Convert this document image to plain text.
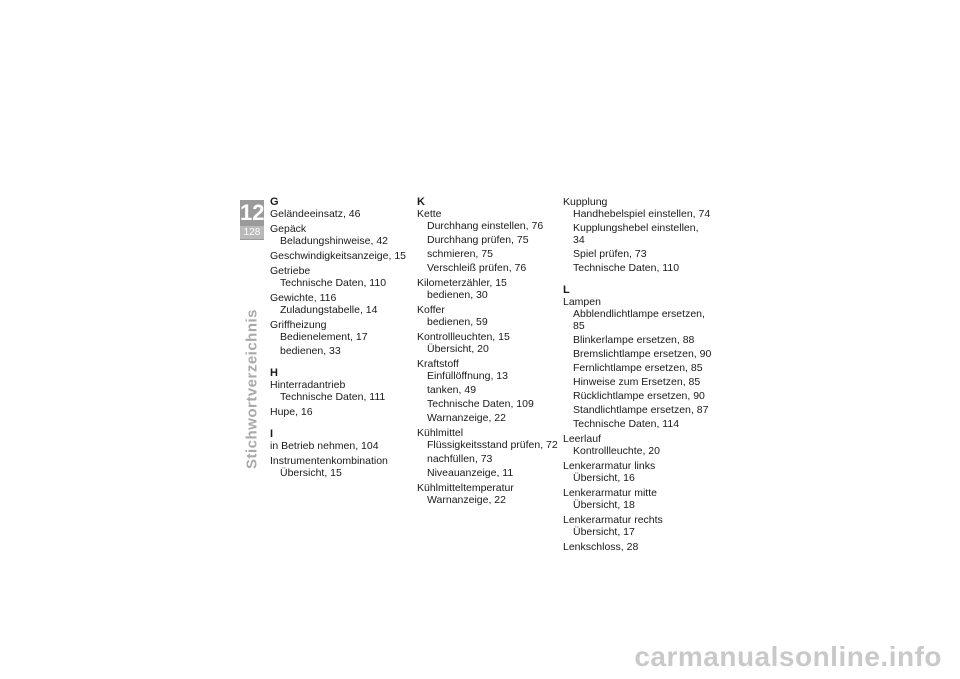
12
128
Stichwortverzeichnis
G
Geländeeinsatz, 46
Gepäck
Beladungshinweise, 42
Geschwindigkeitsanzeige, 15
Getriebe
Technische Daten, 110
Gewichte, 116
Zuladungstabelle, 14
Griffheizung
Bedienelement, 17
bedienen, 33
H
Hinterradantrieb
Technische Daten, 111
Hupe, 16
I
in Betrieb nehmen, 104
Instrumentenkombination
Übersicht, 15
K
Kette
Durchhang einstellen, 76
Durchhang prüfen, 75
schmieren, 75
Verschleiß prüfen, 76
Kilometerzähler, 15
bedienen, 30
Koffer
bedienen, 59
Kontrollleuchten, 15
Übersicht, 20
Kraftstoff
Einfüllöffnung, 13
tanken, 49
Technische Daten, 109
Warnanzeige, 22
Kühlmittel
Flüssigkeitsstand prüfen, 72
nachfüllen, 73
Niveauanzeige, 11
Kühlmitteltemperatur
Warnanzeige, 22
Kupplung
Handhebelspiel einstellen, 74
Kupplungshebel einstellen, 34
Spiel prüfen, 73
Technische Daten, 110
L
Lampen
Abblendlichtlampe ersetzen, 85
Blinkerlampe ersetzen, 88
Bremslichtlampe ersetzen, 90
Fernlichtlampe ersetzen, 85
Hinweise zum Ersetzen, 85
Rücklichtlampe ersetzen, 90
Standlichtlampe ersetzen, 87
Technische Daten, 114
Leerlauf
Kontrollleuchte, 20
Lenkerarmatur links
Übersicht, 16
Lenkerarmatur mitte
Übersicht, 18
Lenkerarmatur rechts
Übersicht, 17
Lenkschloss, 28
carmanualsonline.info
